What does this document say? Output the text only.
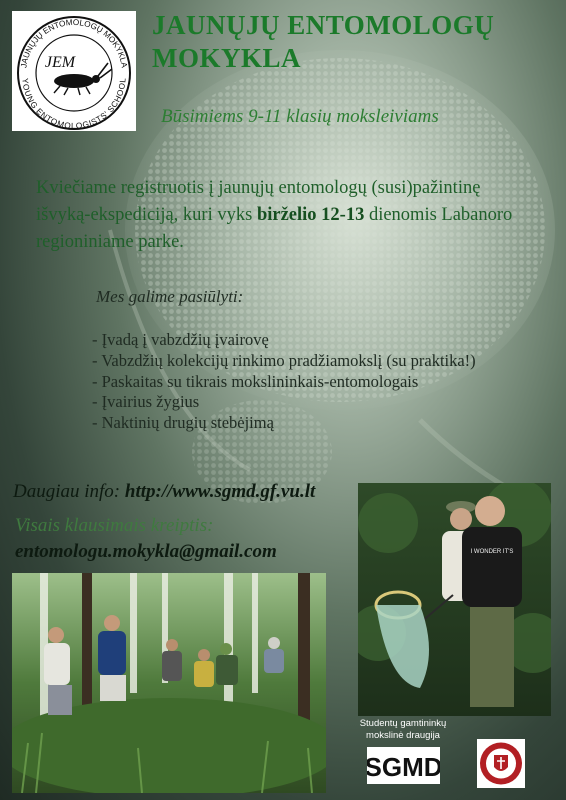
JAUNŲJŲ ENTOMOLOGŲ MOKYKLA
YOUNG ENTOMOLOGISTS' SCHOOL
JEM
JAUNŲJŲ ENTOMOLOGŲ
MOKYKLA
Būsimiems 9-11 klasių moksleiviams
Kviečiame registruotis į jaunųjų entomologų (susi)pažintinę išvyką-ekspediciją, kuri vyks birželio 12-13 dienomis Labanoro regioniniame parke.
Mes galime pasiūlyti:
- Įvadą į vabzdžių įvairovę
- Vabzdžių kolekcijų rinkimo pradžiamokslį (su praktika!)
- Paskaitas su tikrais mokslininkais-entomologais
- Įvairius žygius
- Naktinių drugių stebėjimą
Daugiau info: http://www.sgmd.gf.vu.lt
Visais klausimais kreiptis:
entomologu.mokykla@gmail.com	I WONDER IT'S
Studentų gamtininkų
mokslinė draugija
SGMD
